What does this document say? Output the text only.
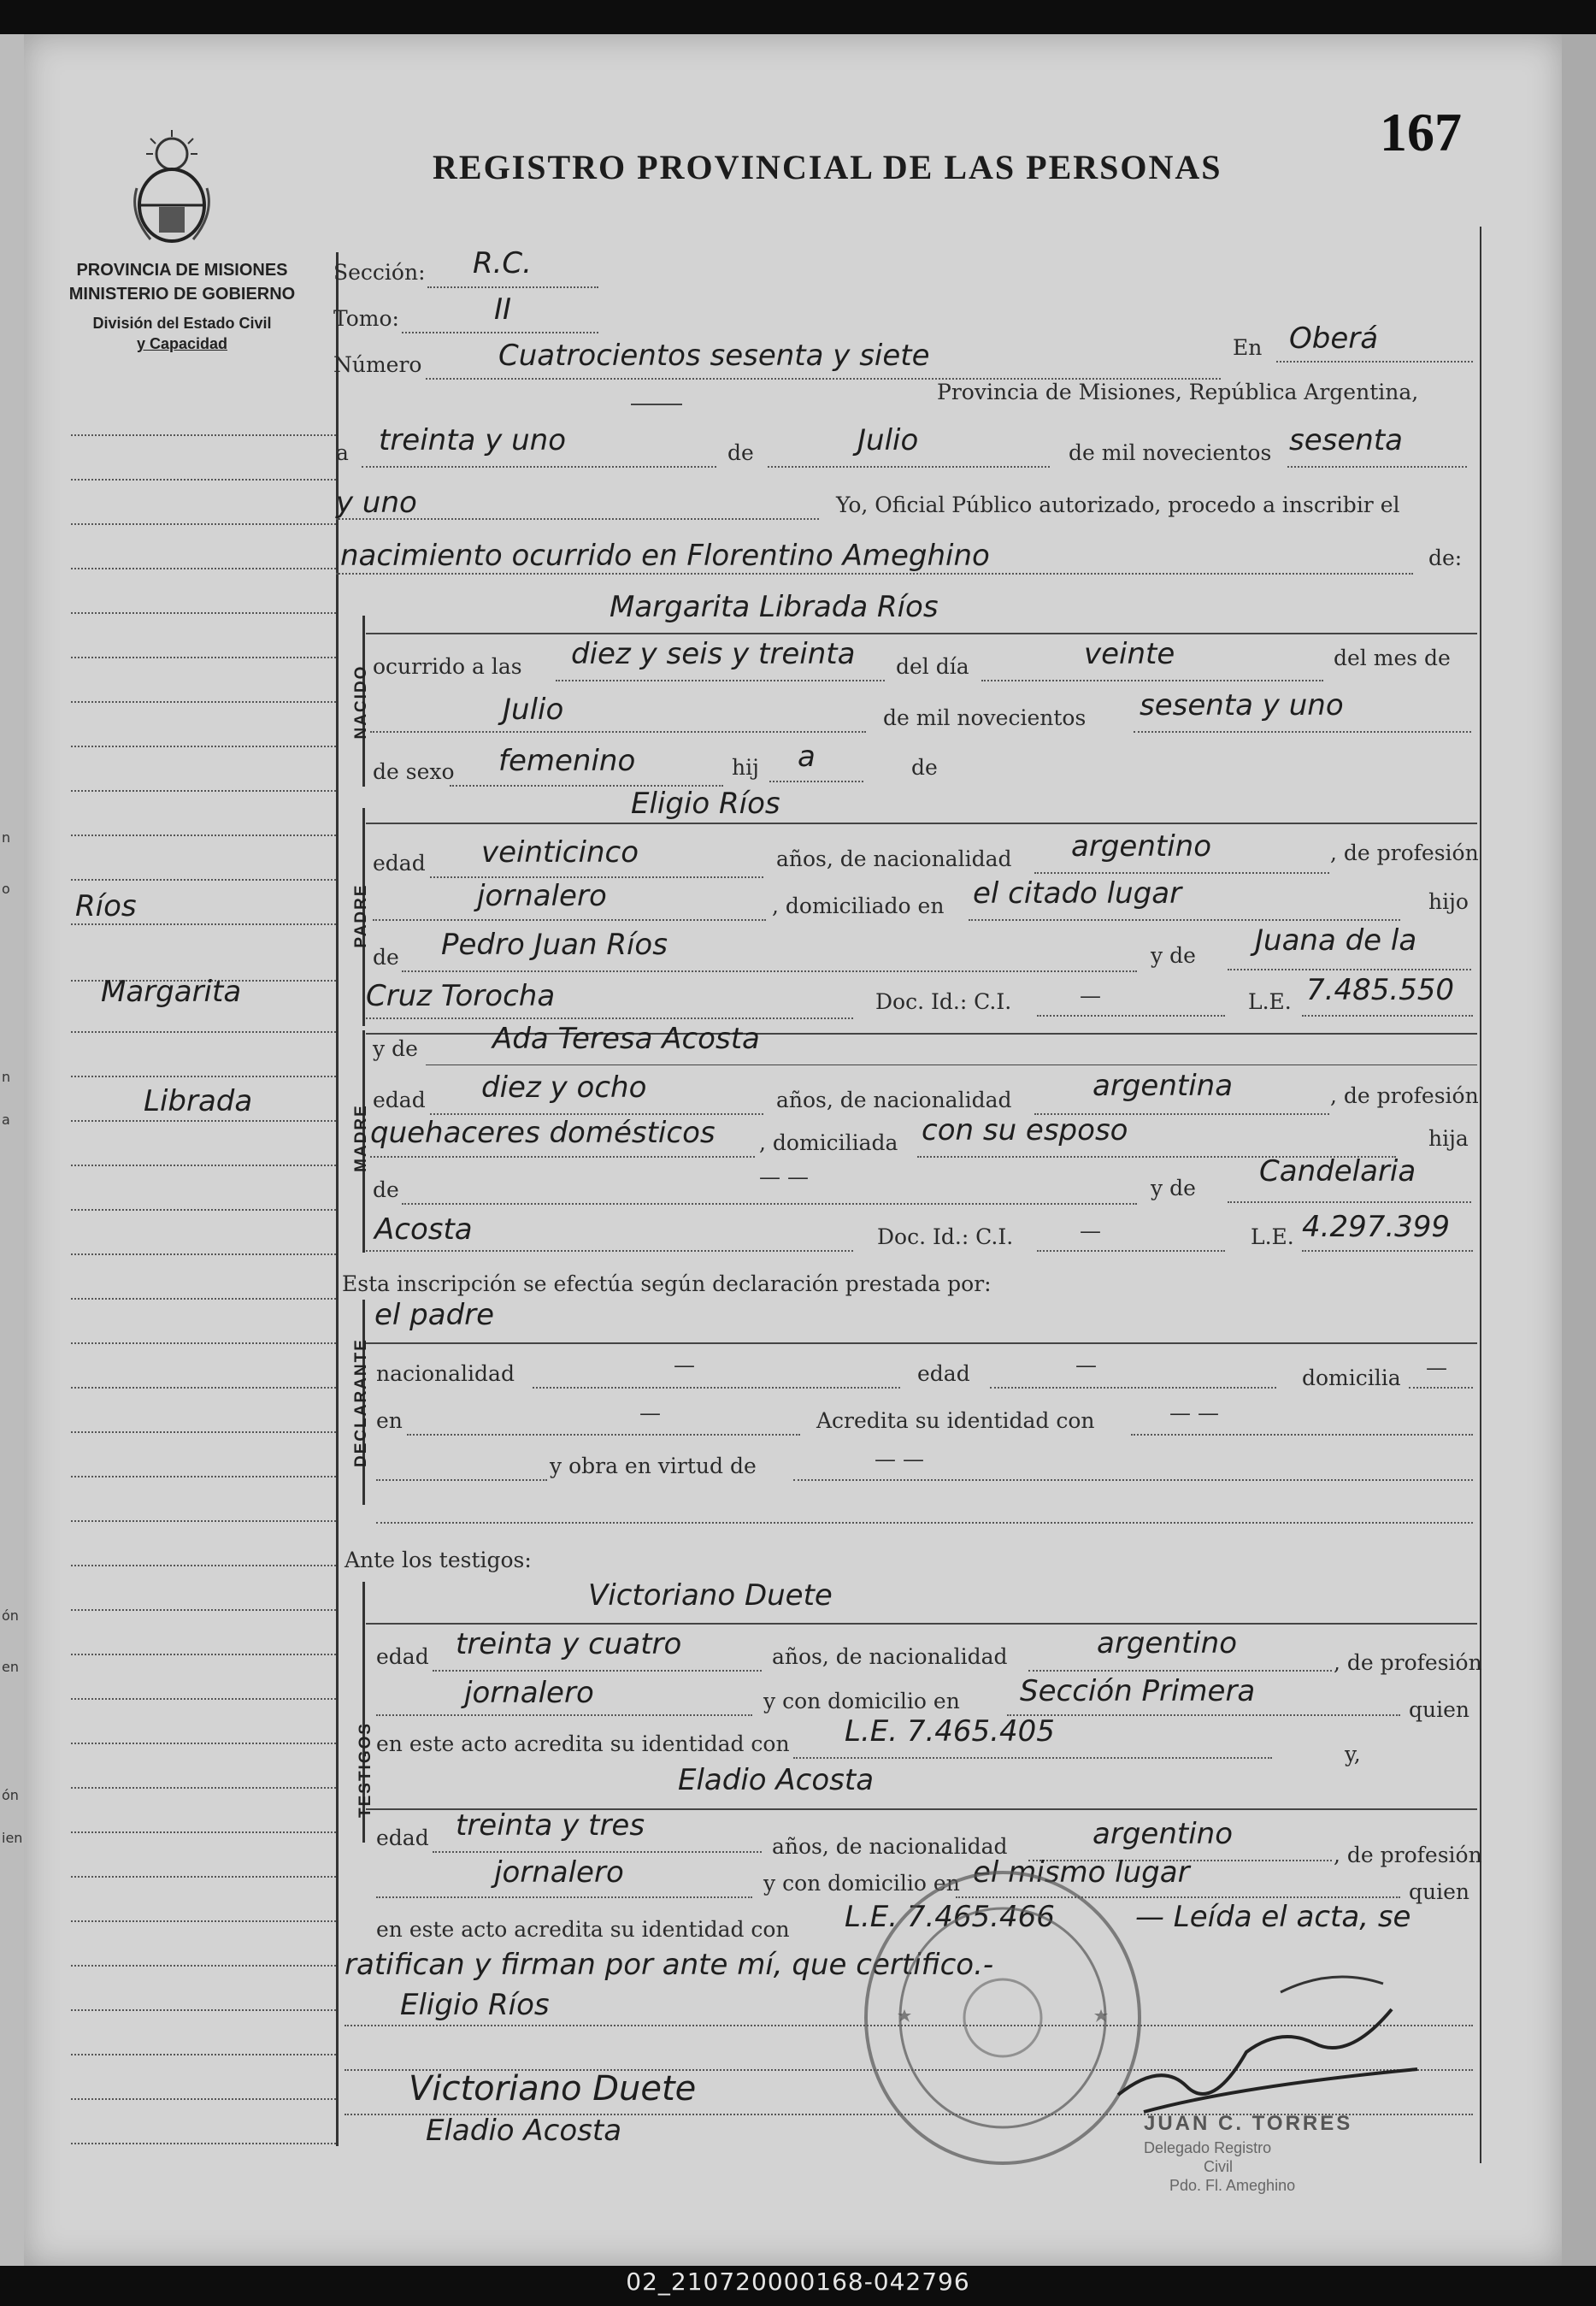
n
o
n
a
ón
en
ón
ien
PROVINCIA DE MISIONES
MINISTERIO DE GOBIERNO
División del Estado Civil
y Capacidad
REGISTRO PROVINCIAL DE LAS PERSONAS
167
Ríos
Margarita
Librada
NACIDO
PADRE
MADRE
DECLARANTE
TESTIGOS
Sección: R.C.
Tomo:	II
Número	Cuatrocientos sesenta y siete	En Oberá
Provincia de Misiones, República Argentina,
a treinta y uno	de	Julio	de mil novecientos sesenta
y uno	Yo, Oficial Público autorizado, procedo a inscribir el
nacimiento ocurrido en Florentino Ameghino	de:
Margarita Librada Ríos
ocurrido a las diez y seis y treinta del día	veinte	del mes de
Julio	de mil novecientos sesenta y uno
de sexo femenino	hij a	de
Eligio Ríos
edad veinticinco	años, de nacionalidad argentino	, de profesión
jornalero	, domiciliado en el citado lugar	hijo
de Pedro Juan Ríos	y de Juana de la
Cruz Torocha	Doc. Id.: C.I.	—	L.E. 7.485.550
y de	Ada Teresa Acosta
edad diez y ocho	años, de nacionalidad	argentina	, de profesión
quehaceres domésticos , domiciliada con su esposo	hija
de
— —	y de Candelaria
Acosta	Doc. Id.: C.I.	—	L.E. 4.297.399
Esta inscripción se efectúa según declaración prestada por:
el padre
nacionalidad	—	edad	—
domicilia —
en	—	Acredita su identidad con	— —
y obra en virtud de	— —
Ante los testigos:
Victoriano Duete
edad treinta y cuatro	años, de nacionalidad	argentino
, de profesión
jornalero	y con domicilio en Sección Primera
quien
en este acto acredita su identidad con L.E. 7.465.405
y,
Eladio Acosta
edad treinta y tres
años, de nacionalidad	argentino
, de profesión
jornalero	y con domicilio en el mismo lugar
quien
en este acto acredita su identidad con L.E. 7.465.466	— Leída el acta, se
ratifican y firman por ante mí, que certifico.-
Eligio Ríos
Victoriano Duete
Eladio Acosta	JUAN C. TORRES
Delegado Registro
Civil
Pdo. Fl. Ameghino
02_210720000168-042796
